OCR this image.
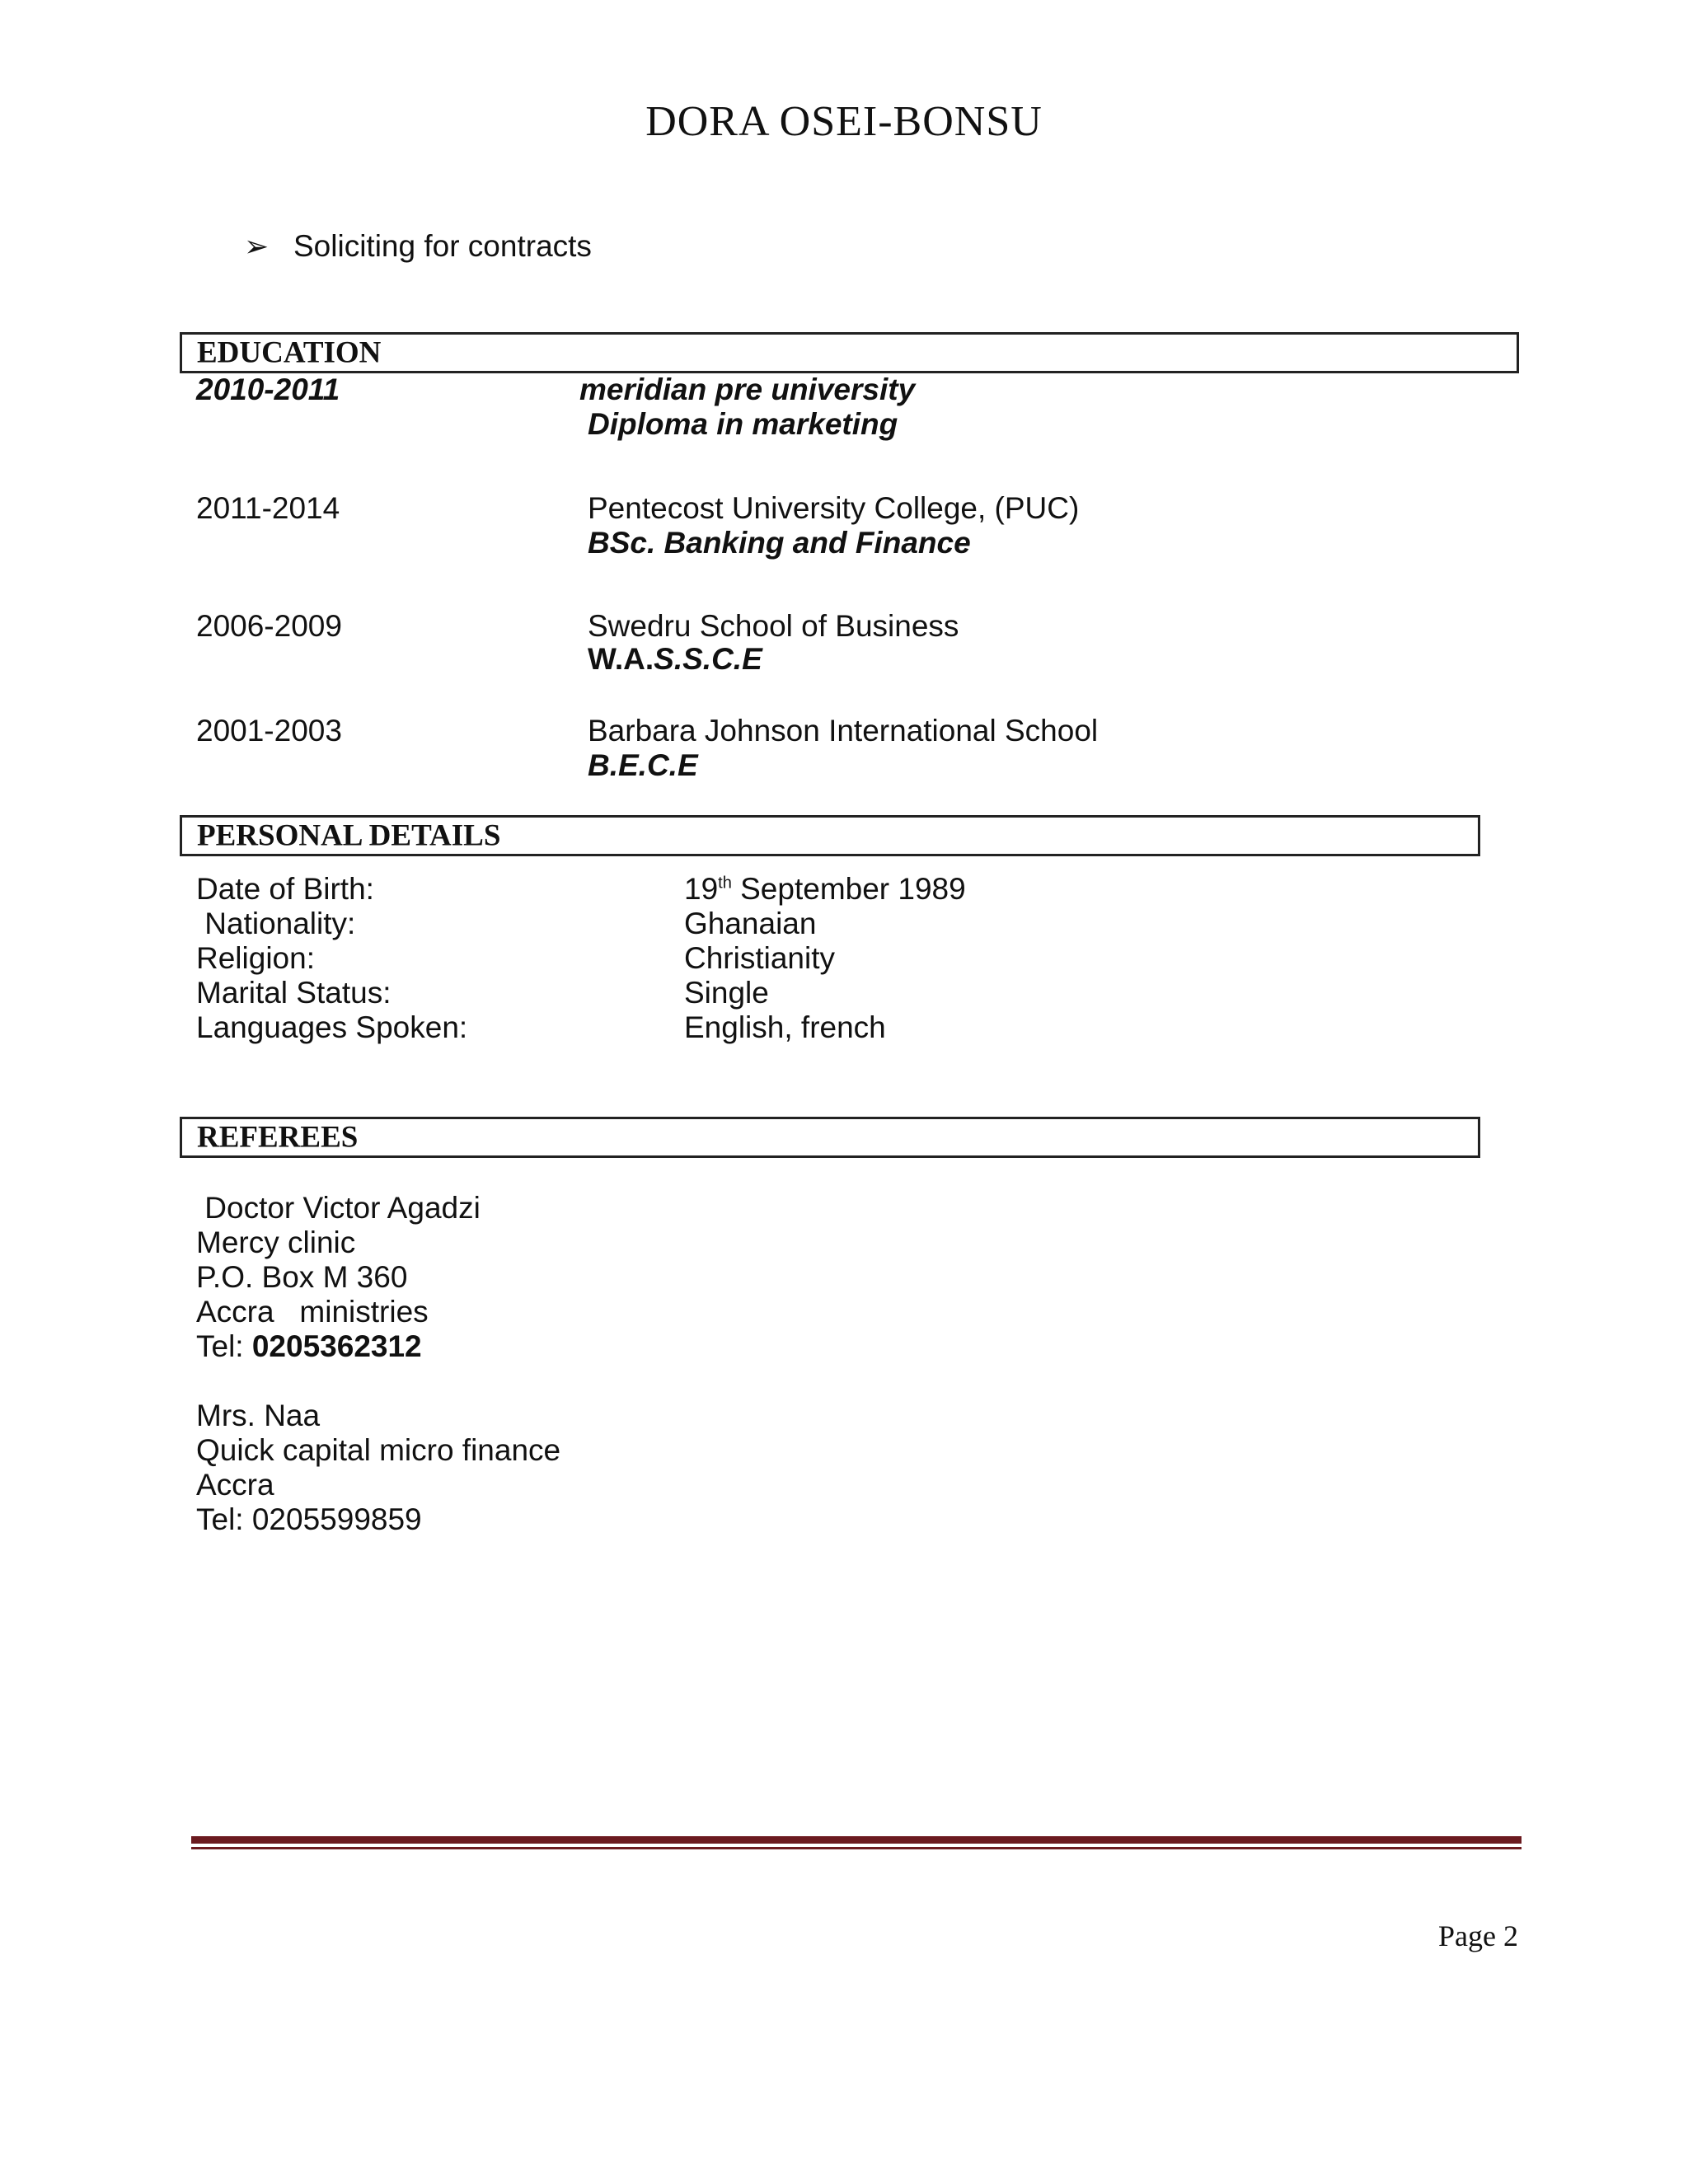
DORA OSEI-BONSU
➢ Soliciting for contracts
EDUCATION
2010-2011	meridian pre university
Diploma in marketing
2011-2014	Pentecost University College, (PUC)
BSc. Banking and Finance
2006-2009	Swedru School of Business
W.A.S.S.C.E
2001-2003	Barbara Johnson International School
B.E.C.E
PERSONAL DETAILS
Date of Birth:	19th September 1989
Nationality:	Ghanaian
Religion:	Christianity
Marital Status:	Single
Languages Spoken:	English, french
REFEREES
Doctor Victor Agadzi
Mercy clinic
P.O. Box M 360
Accra   ministries
Tel: 0205362312
Mrs. Naa
Quick capital micro finance
Accra
Tel: 0205599859
Page 2
